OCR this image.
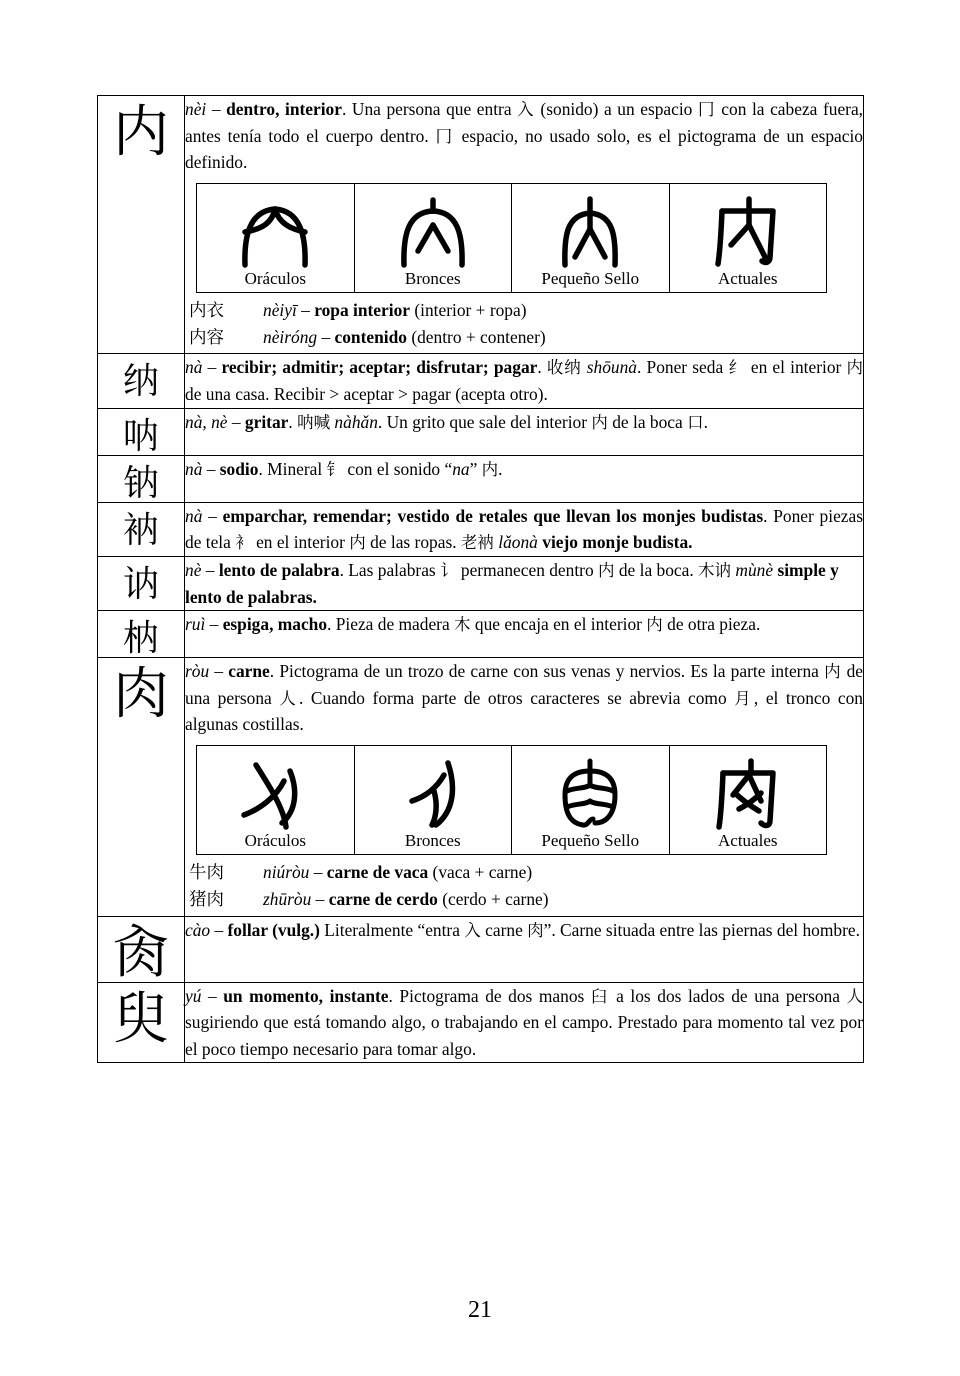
内	nèi – dentro, interior. Una persona que entra 入 (sonido) a un espacio 冂 con la cabeza fuera, antes tenía todo el cuerpo dentro. 冂 espacio, no usado solo, es el pictograma de un espacio definido.

Oráculos	Bronces	Pequeño Sello	Actuales
内衣	nèiyī – ropa interior (interior + ropa)
内容	nèiróng – contenido (dentro + contener)

纳	nà – recibir; admitir; aceptar; disfrutar; pagar. 收纳 shōunà. Poner seda 纟 en el interior 内 de una casa. Recibir > aceptar > pagar (acepta otro).

呐	nà, nè – gritar. 呐喊 nàhǎn. Un grito que sale del interior 内 de la boca 口.

钠	nà – sodio. Mineral 钅 con el sonido “na” 内.

衲	nà – emparchar, remendar; vestido de retales que llevan los monjes budistas. Poner piezas de tela 衤 en el interior 内 de las ropas. 老衲 lǎonà viejo monje budista.

讷	nè – lento de palabra. Las palabras 讠 permanecen dentro 内 de la boca. 木讷 mùnè simple y lento de palabras.

枘	ruì – espiga, macho. Pieza de madera 木 que encaja en el interior 内 de otra pieza.

肉	ròu – carne. Pictograma de un trozo de carne con sus venas y nervios. Es la parte interna 内 de una persona 人. Cuando forma parte de otros caracteres se abrevia como 月, el tronco con algunas costillas.

Oráculos	Bronces	Pequeño Sello	Actuales
牛肉	niúròu – carne de vaca (vaca + carne)
猪肉	zhūròu – carne de cerdo (cerdo + carne)

肏	cào – follar (vulg.) Literalmente “entra 入 carne 肉”. Carne situada entre las piernas del hombre.

臾	yú – un momento, instante. Pictograma de dos manos 臼 a los dos lados de una persona 人 sugiriendo que está tomando algo, o trabajando en el campo. Prestado para momento tal vez por el poco tiempo necesario para tomar algo.

21
